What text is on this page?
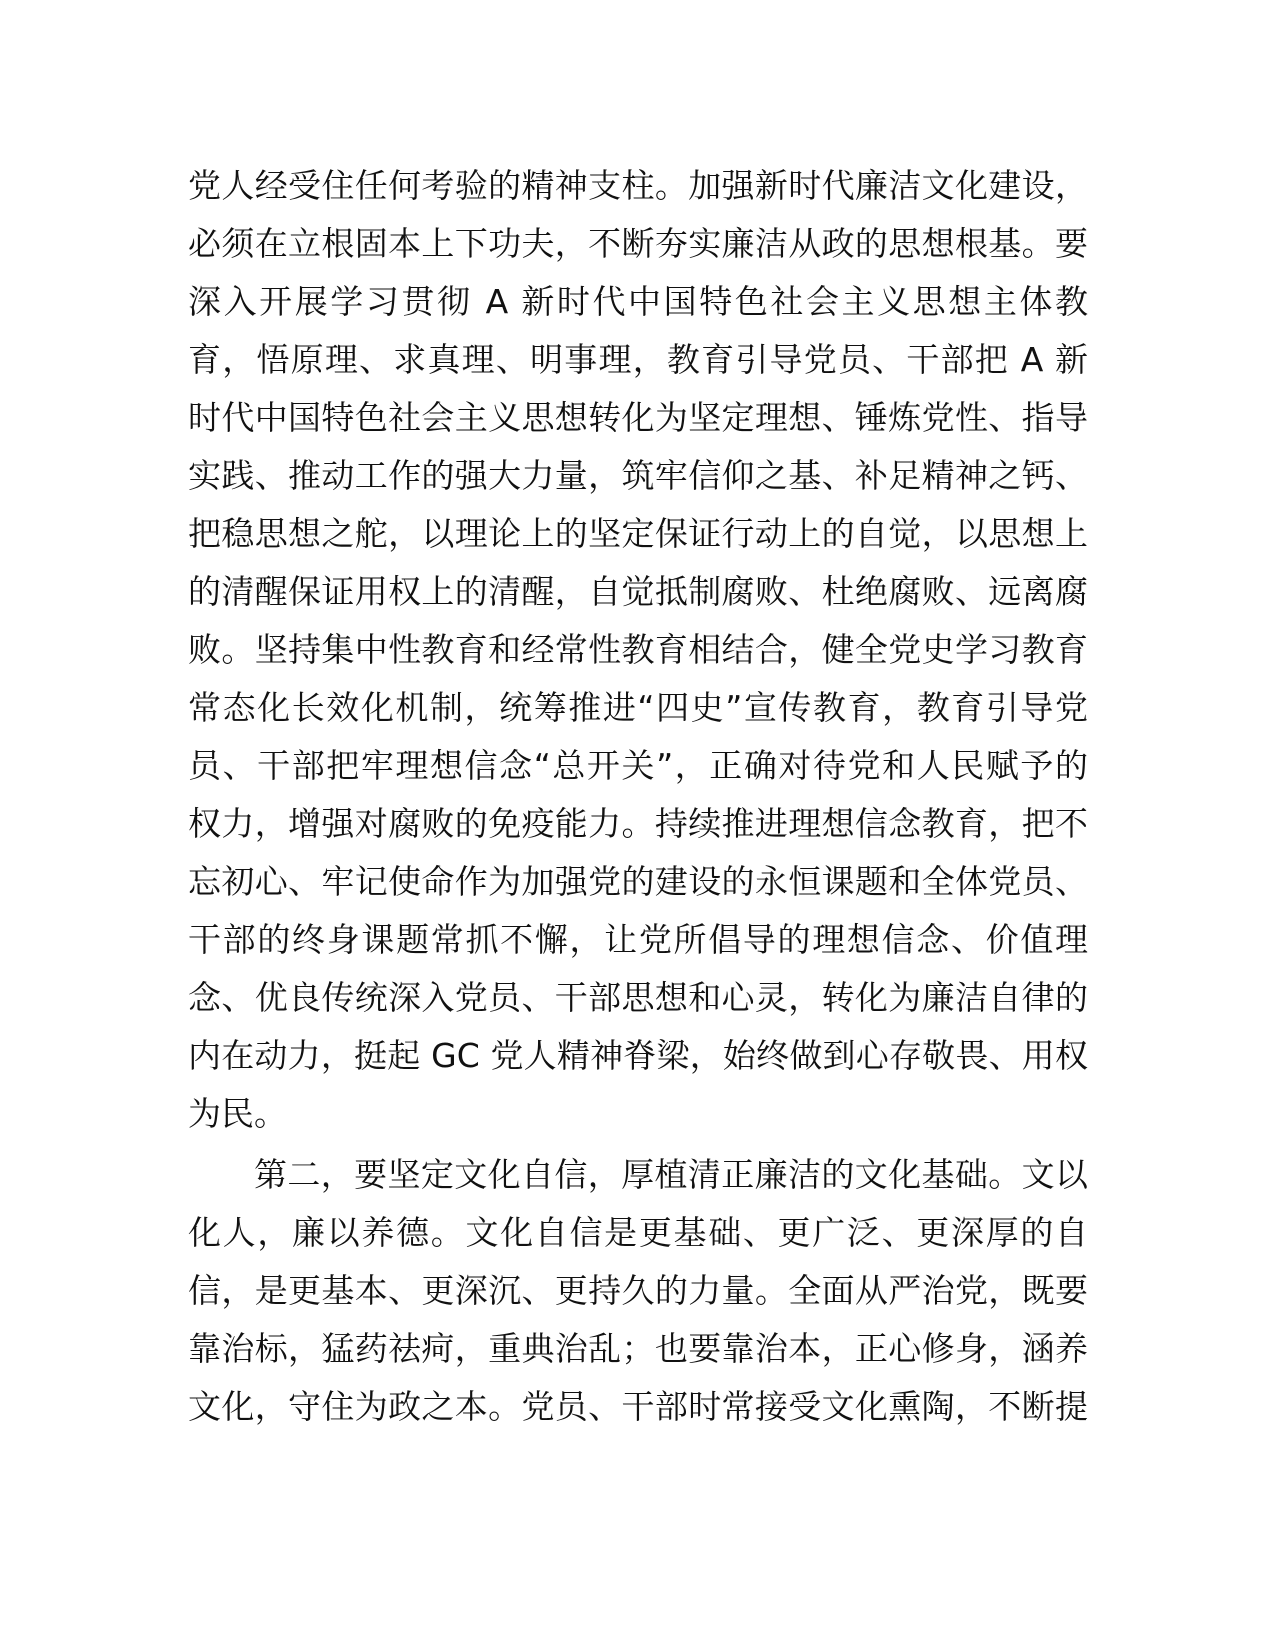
党人经受住任何考验的精神支柱。加强新时代廉洁文化建设，
必须在立根固本上下功夫，不断夯实廉洁从政的思想根基。要
深入开展学习贯彻 A 新时代中国特色社会主义思想主体教
育，悟原理、求真理、明事理，教育引导党员、干部把 A 新
时代中国特色社会主义思想转化为坚定理想、锤炼党性、指导
实践、推动工作的强大力量，筑牢信仰之基、补足精神之钙、
把稳思想之舵，以理论上的坚定保证行动上的自觉，以思想上
的清醒保证用权上的清醒，自觉抵制腐败、杜绝腐败、远离腐
败。坚持集中性教育和经常性教育相结合，健全党史学习教育
常态化长效化机制，统筹推进“四史”宣传教育，教育引导党
员、干部把牢理想信念“总开关”，正确对待党和人民赋予的
权力，增强对腐败的免疫能力。持续推进理想信念教育，把不
忘初心、牢记使命作为加强党的建设的永恒课题和全体党员、
干部的终身课题常抓不懈，让党所倡导的理想信念、价值理
念、优良传统深入党员、干部思想和心灵，转化为廉洁自律的
内在动力，挺起 GC 党人精神脊梁，始终做到心存敬畏、用权
为民。
第二，要坚定文化自信，厚植清正廉洁的文化基础。文以
化人，廉以养德。文化自信是更基础、更广泛、更深厚的自
信，是更基本、更深沉、更持久的力量。全面从严治党，既要
靠治标，猛药祛疴，重典治乱；也要靠治本，正心修身，涵养
文化，守住为政之本。党员、干部时常接受文化熏陶，不断提
